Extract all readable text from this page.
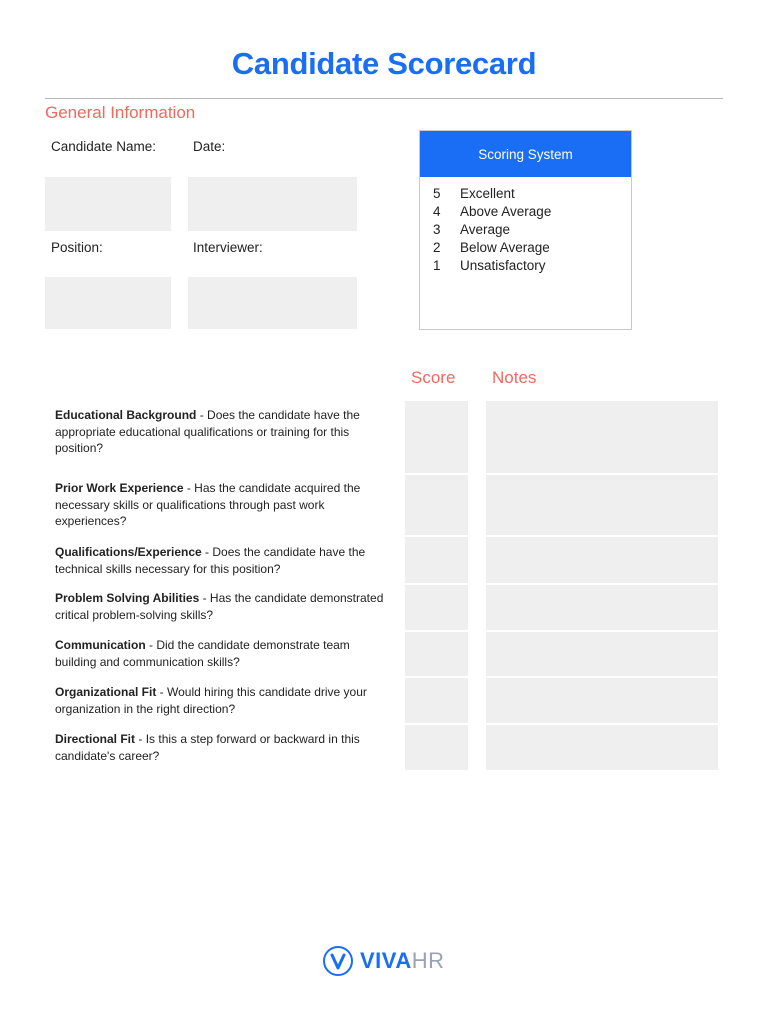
Candidate Scorecard
General Information
Candidate Name:	Date:
Position:	Interviewer:
Scoring System
5	Excellent
4	Above Average
3	Average
2	Below Average
1	Unsatisfactory
Score Notes
Educational Background - Does the candidate have the appropriate educational qualifications or training for this position?
Prior Work Experience - Has the candidate acquired the necessary skills or qualifications through past work experiences?
Qualifications/Experience - Does the candidate have the technical skills necessary for this position?
Problem Solving Abilities - Has the candidate demonstrated critical problem-solving skills?
Communication - Did the candidate demonstrate team building and communication skills?
Organizational Fit - Would hiring this candidate drive your organization in the right direction?
Directional Fit - Is this a step forward or backward in this candidate's career?
VIVAHR
